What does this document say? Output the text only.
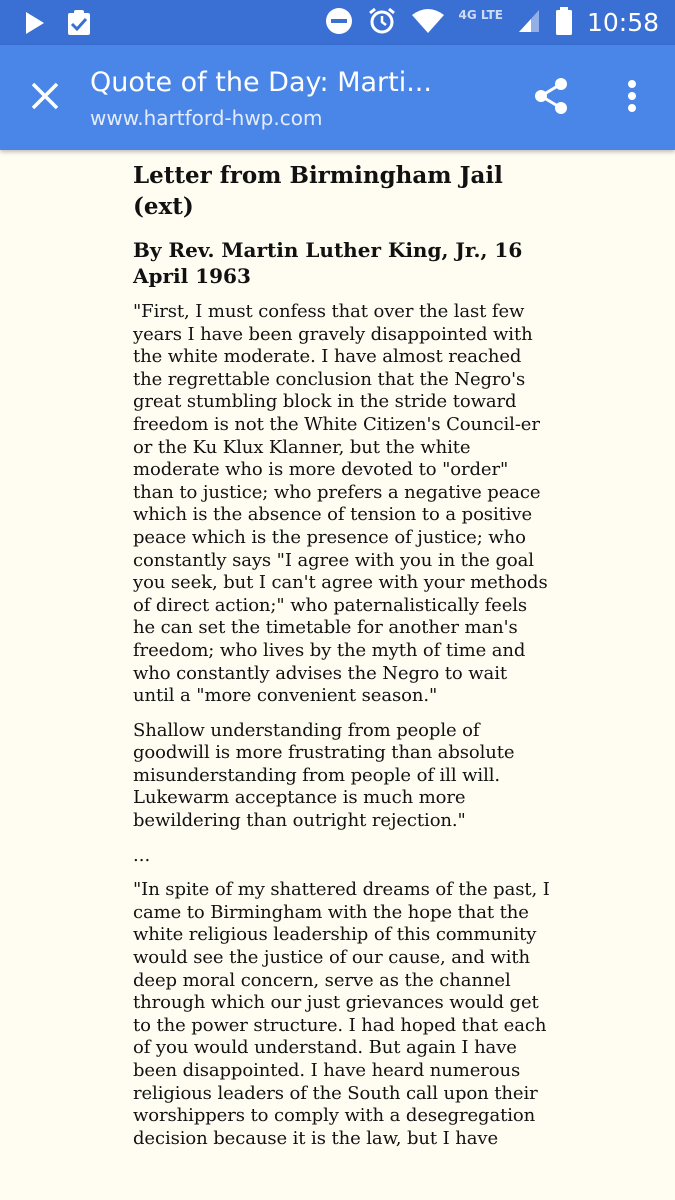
4G LTE	10:58
Quote of the Day: Marti...
www.hartford-hwp.com
Letter from Birmingham Jail (ext)
By Rev. Martin Luther King, Jr., 16 April 1963

"First, I must confess that over the last few years I have been gravely disappointed with the white moderate. I have almost reached the regrettable conclusion that the Negro's great stumbling block in the stride toward freedom is not the White Citizen's Council-er or the Ku Klux Klanner, but the white moderate who is more devoted to "order" than to justice; who prefers a negative peace which is the absence of tension to a positive peace which is the presence of justice; who constantly says "I agree with you in the goal you seek, but I can't agree with your methods of direct action;" who paternalistically feels he can set the timetable for another man's freedom; who lives by the myth of time and who constantly advises the Negro to wait until a "more convenient season."

Shallow understanding from people of goodwill is more frustrating than absolute misunderstanding from people of ill will. Lukewarm acceptance is much more bewildering than outright rejection."

...

"In spite of my shattered dreams of the past, I came to Birmingham with the hope that the white religious leadership of this community would see the justice of our cause, and with deep moral concern, serve as the channel through which our just grievances would get to the power structure. I had hoped that each of you would understand. But again I have been disappointed. I have heard numerous religious leaders of the South call upon their worshippers to comply with a desegregation decision because it is the law, but I have
